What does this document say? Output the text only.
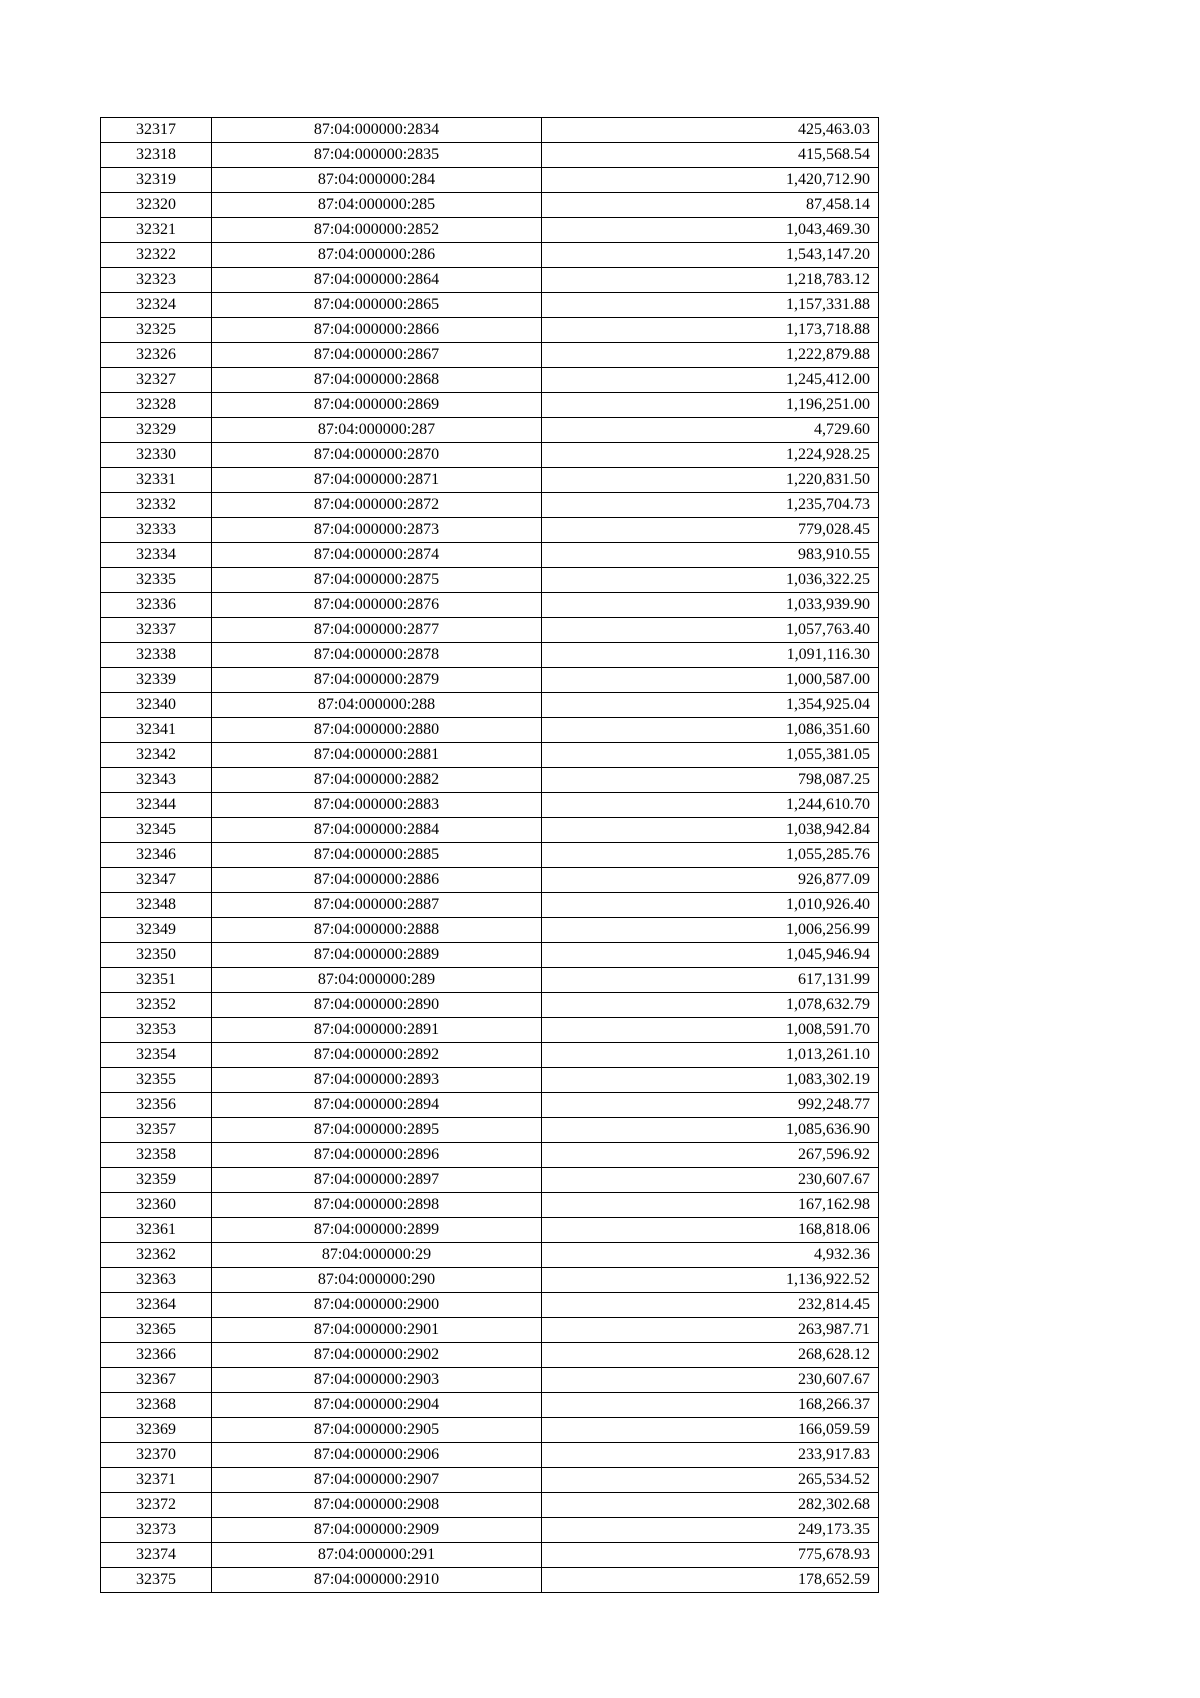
32317	87:04:000000:2834	425,463.03
32318	87:04:000000:2835	415,568.54
32319	87:04:000000:284	1,420,712.90
32320	87:04:000000:285	87,458.14
32321	87:04:000000:2852	1,043,469.30
32322	87:04:000000:286	1,543,147.20
32323	87:04:000000:2864	1,218,783.12
32324	87:04:000000:2865	1,157,331.88
32325	87:04:000000:2866	1,173,718.88
32326	87:04:000000:2867	1,222,879.88
32327	87:04:000000:2868	1,245,412.00
32328	87:04:000000:2869	1,196,251.00
32329	87:04:000000:287	4,729.60
32330	87:04:000000:2870	1,224,928.25
32331	87:04:000000:2871	1,220,831.50
32332	87:04:000000:2872	1,235,704.73
32333	87:04:000000:2873	779,028.45
32334	87:04:000000:2874	983,910.55
32335	87:04:000000:2875	1,036,322.25
32336	87:04:000000:2876	1,033,939.90
32337	87:04:000000:2877	1,057,763.40
32338	87:04:000000:2878	1,091,116.30
32339	87:04:000000:2879	1,000,587.00
32340	87:04:000000:288	1,354,925.04
32341	87:04:000000:2880	1,086,351.60
32342	87:04:000000:2881	1,055,381.05
32343	87:04:000000:2882	798,087.25
32344	87:04:000000:2883	1,244,610.70
32345	87:04:000000:2884	1,038,942.84
32346	87:04:000000:2885	1,055,285.76
32347	87:04:000000:2886	926,877.09
32348	87:04:000000:2887	1,010,926.40
32349	87:04:000000:2888	1,006,256.99
32350	87:04:000000:2889	1,045,946.94
32351	87:04:000000:289	617,131.99
32352	87:04:000000:2890	1,078,632.79
32353	87:04:000000:2891	1,008,591.70
32354	87:04:000000:2892	1,013,261.10
32355	87:04:000000:2893	1,083,302.19
32356	87:04:000000:2894	992,248.77
32357	87:04:000000:2895	1,085,636.90
32358	87:04:000000:2896	267,596.92
32359	87:04:000000:2897	230,607.67
32360	87:04:000000:2898	167,162.98
32361	87:04:000000:2899	168,818.06
32362	87:04:000000:29	4,932.36
32363	87:04:000000:290	1,136,922.52
32364	87:04:000000:2900	232,814.45
32365	87:04:000000:2901	263,987.71
32366	87:04:000000:2902	268,628.12
32367	87:04:000000:2903	230,607.67
32368	87:04:000000:2904	168,266.37
32369	87:04:000000:2905	166,059.59
32370	87:04:000000:2906	233,917.83
32371	87:04:000000:2907	265,534.52
32372	87:04:000000:2908	282,302.68
32373	87:04:000000:2909	249,173.35
32374	87:04:000000:291	775,678.93
32375	87:04:000000:2910	178,652.59
